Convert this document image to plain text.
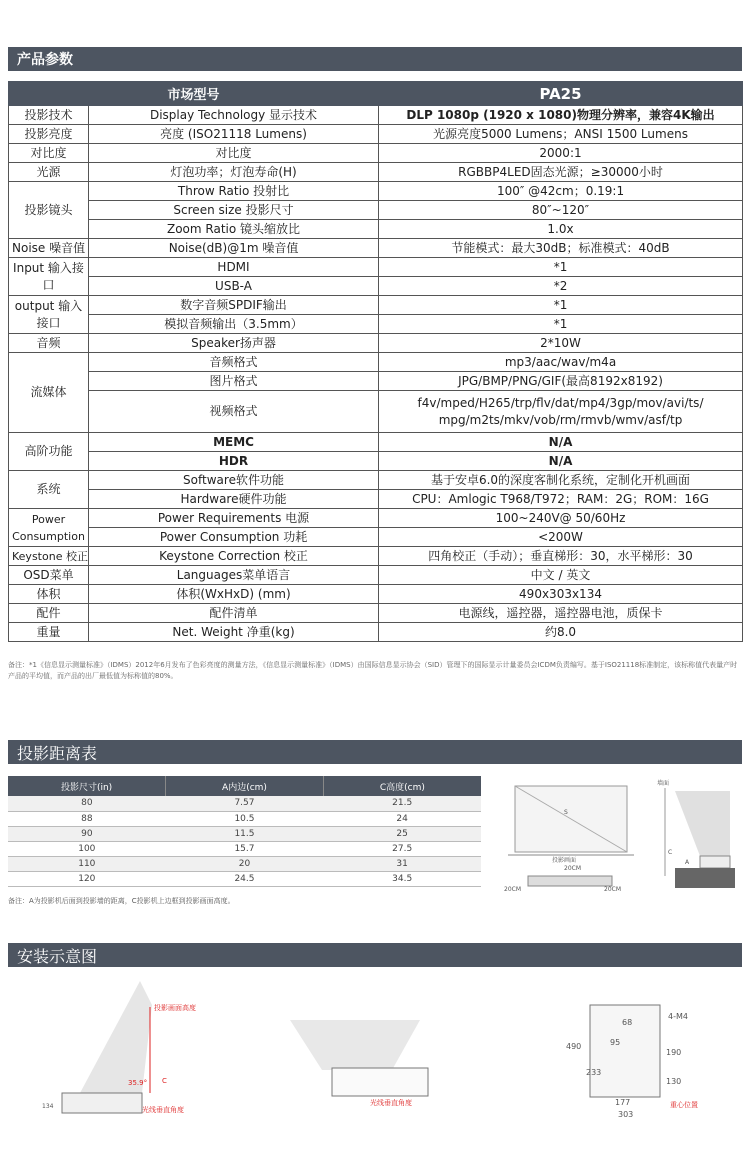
产品参数
市场型号		PA25
投影技术	Display Technology 显示技术	DLP 1080p (1920 x 1080)物理分辨率，兼容4K输出
投影亮度	亮度 (ISO21118 Lumens)	光源亮度5000 Lumens；ANSI 1500 Lumens
对比度	对比度	2000:1
光源	灯泡功率；灯泡寿命(H)	RGBBP4LED固态光源；≥30000小时
投影镜头	Throw Ratio 投射比	100″ @42cm；0.19:1
	Screen size 投影尺寸	80″~120″
	Zoom Ratio 镜头缩放比	1.0x
Noise 噪音值	Noise(dB)@1m 噪音值	节能模式：最大30dB；标准模式：40dB
Input 输入接口	HDMI	*1
	USB-A	*2
output 输入接口	数字音频SPDIF输出	*1
	模拟音频输出（3.5mm）	*1
音频	Speaker扬声器	2*10W
流媒体	音频格式	mp3/aac/wav/m4a
	图片格式	JPG/BMP/PNG/GIF(最高8192x8192)
	视频格式	f4v/mped/H265/trp/flv/dat/mp4/3gp/mov/avi/ts/ mpg/m2ts/mkv/vob/rm/rmvb/wmv/asf/tp
高阶功能	MEMC	N/A
	HDR	N/A
系统	Software软件功能	基于安卓6.0的深度客制化系统，定制化开机画面
	Hardware硬件功能	CPU：Amlogic T968/T972；RAM：2G；ROM：16G
Power Consumption	Power Requirements 电源	100~240V@ 50/60Hz
	Power Consumption 功耗	<200W
Keystone 校正	Keystone Correction 校正	四角校正（手动）；垂直梯形：30，水平梯形：30
OSD菜单	Languages菜单语言	中文 / 英文
体积	体积(WxHxD) (mm)	490x303x134
配件	配件清单	电源线，遥控器，遥控器电池，质保卡
重量	Net. Weight 净重(kg)	约8.0
备注：*1《信息显示测量标准》（IDMS）2012年6月发布了色彩亮度的测量方法，《信息显示测量标准》（IDMS）由国际信息显示协会（SID）管理下的国际显示计量委员会ICDM负责编写。基于ISO21118标准制定，该标称值代表量产时产品的平均值，而产品的出厂最低值为标称值的80%。
投影距离表
投影尺寸(in)	A内边(cm)	C高度(cm)
80	7.57	21.5
88	10.5	24
90	11.5	25
100	15.7	27.5
110	20	31
120	24.5	34.5
备注：A为投影机后面到投影墙的距离，C投影机上边框到投影画面高度。
S
投影画面
20CM
20CM	20CM
墙面
C
A
安装示意图
投影画面高度
35.9° C
134	光线垂直角度
光线垂直角度
4-M4
68
95
190
490
233
130
177
303
重心位置
